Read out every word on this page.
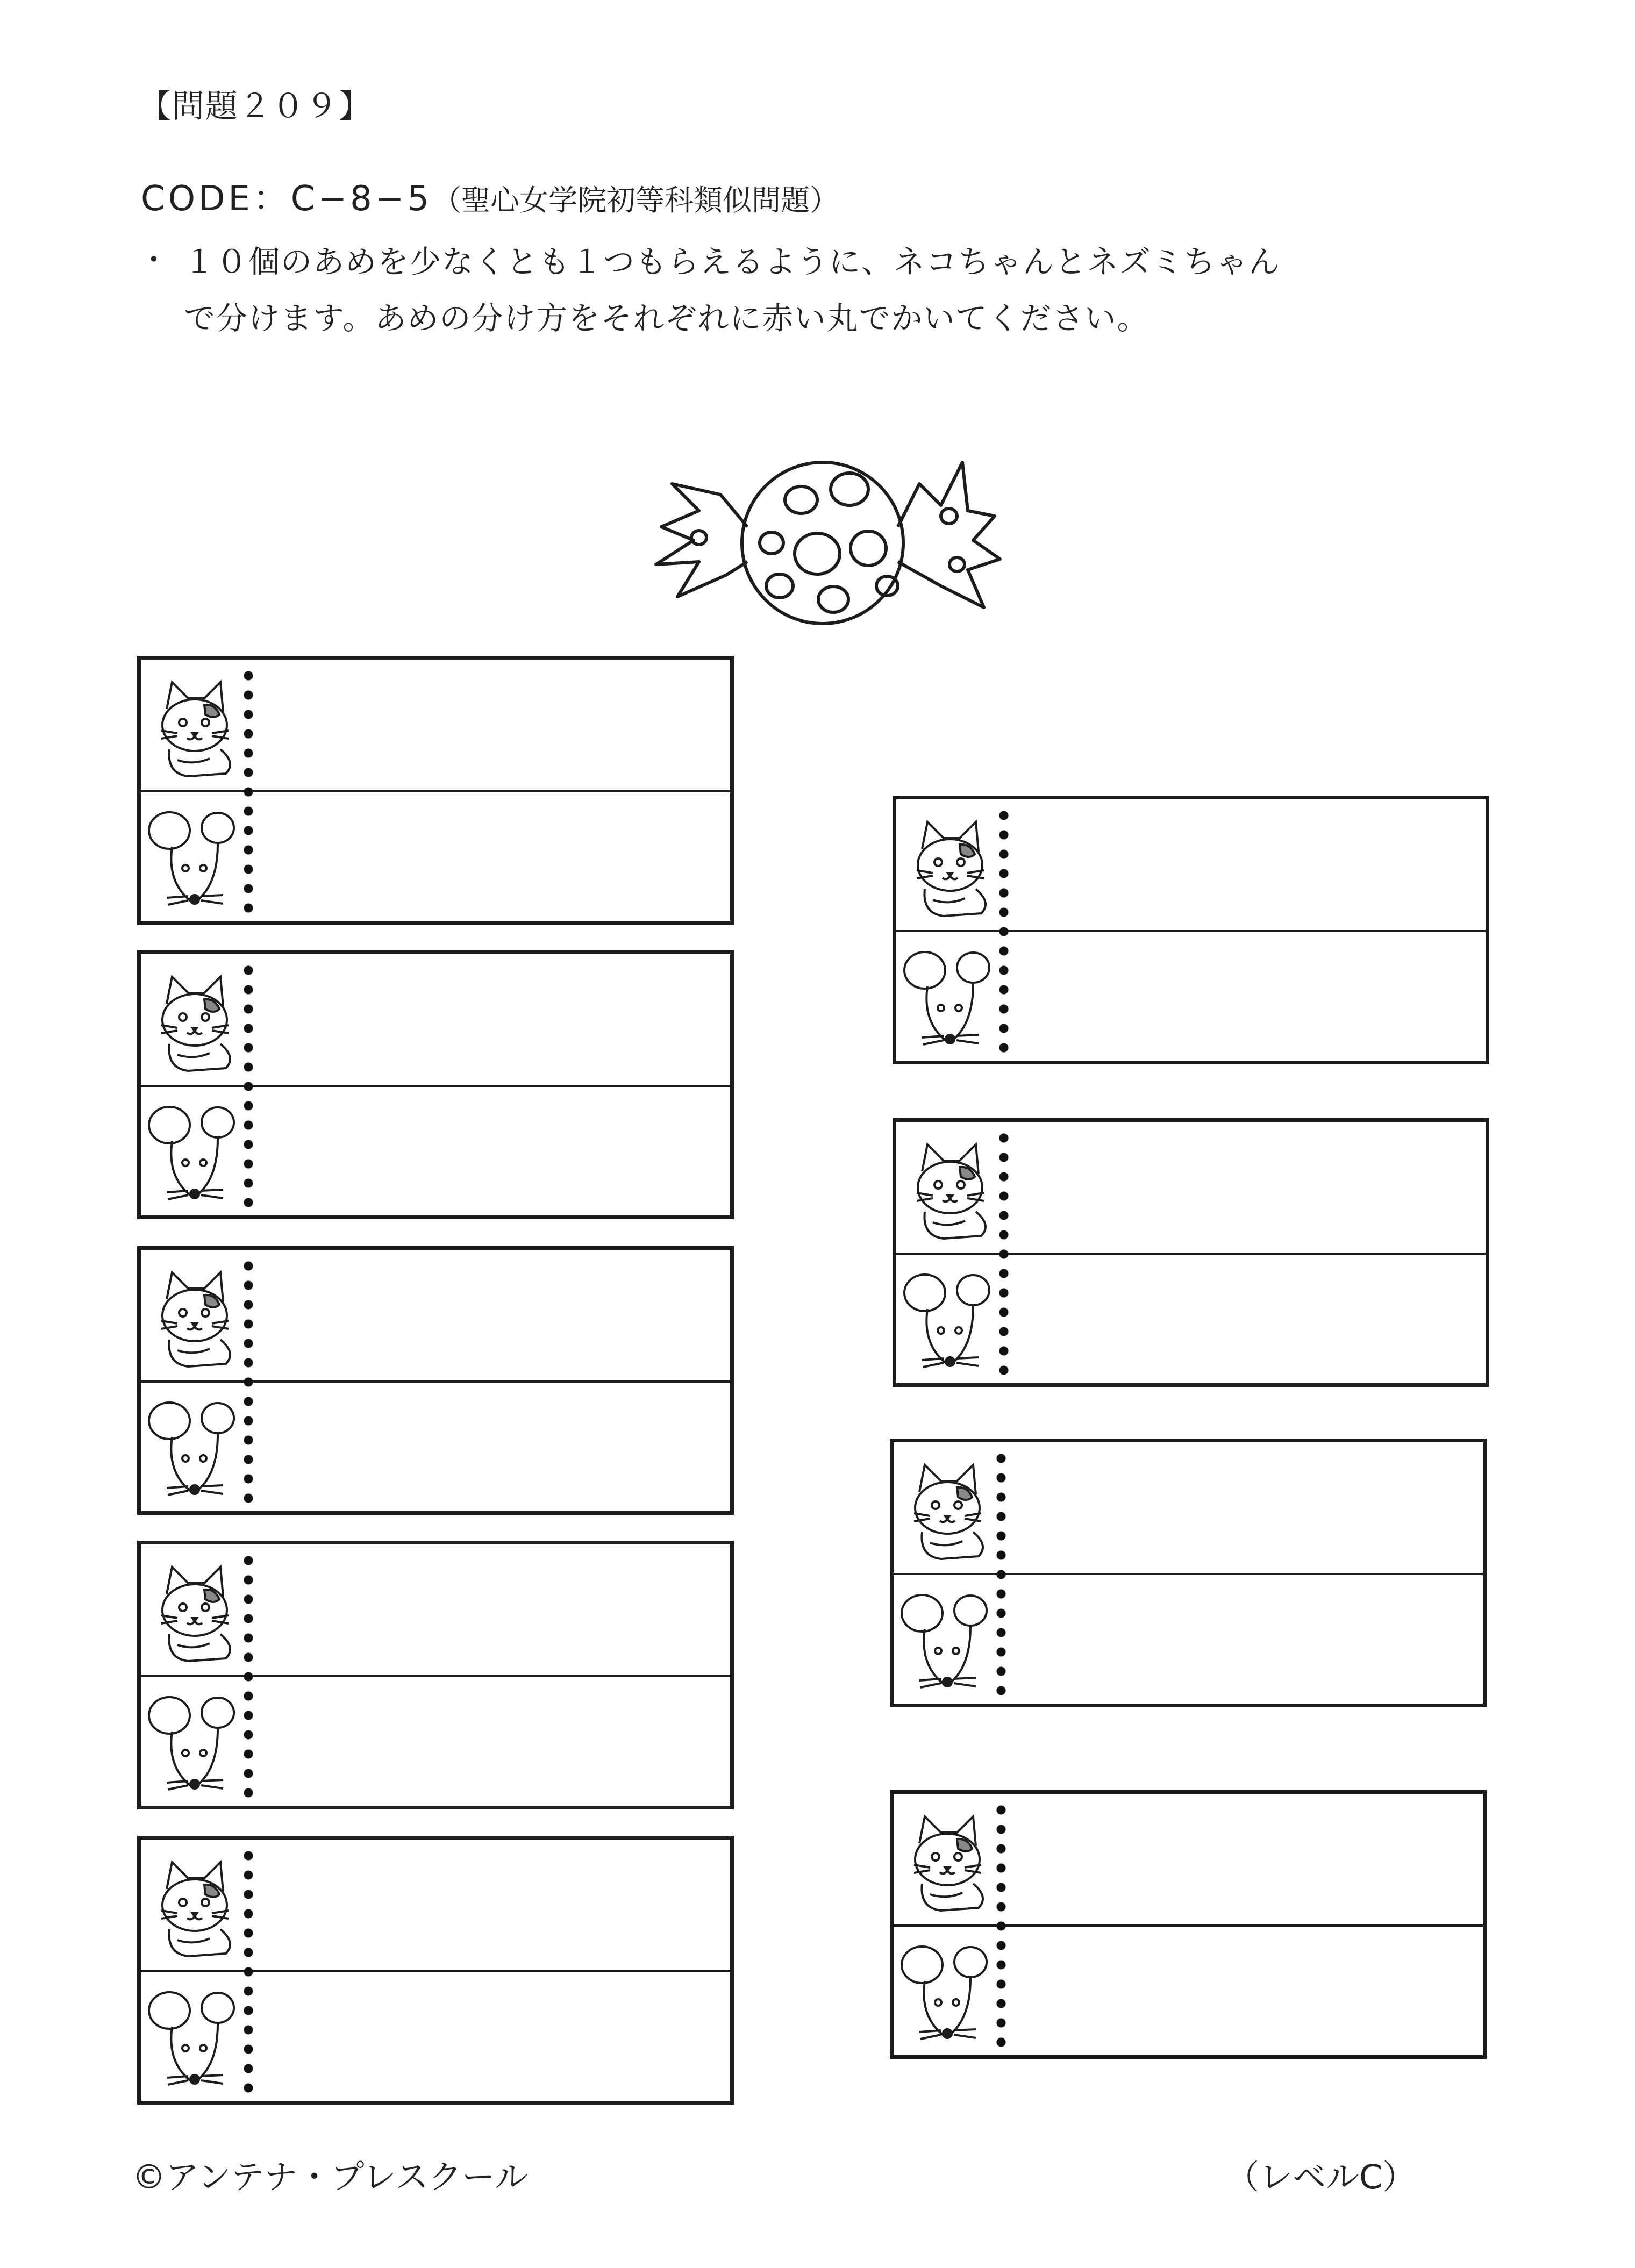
【問題２０９】
CODE：C−8−5（聖心女学院初等科類似問題）
・ １０個のあめを少なくとも１つもらえるように、ネコちゃんとネズミちゃん
で分けます。あめの分け方をそれぞれに赤い丸でかいてください。
©アンテナ・プレスクール	（レベルC）
